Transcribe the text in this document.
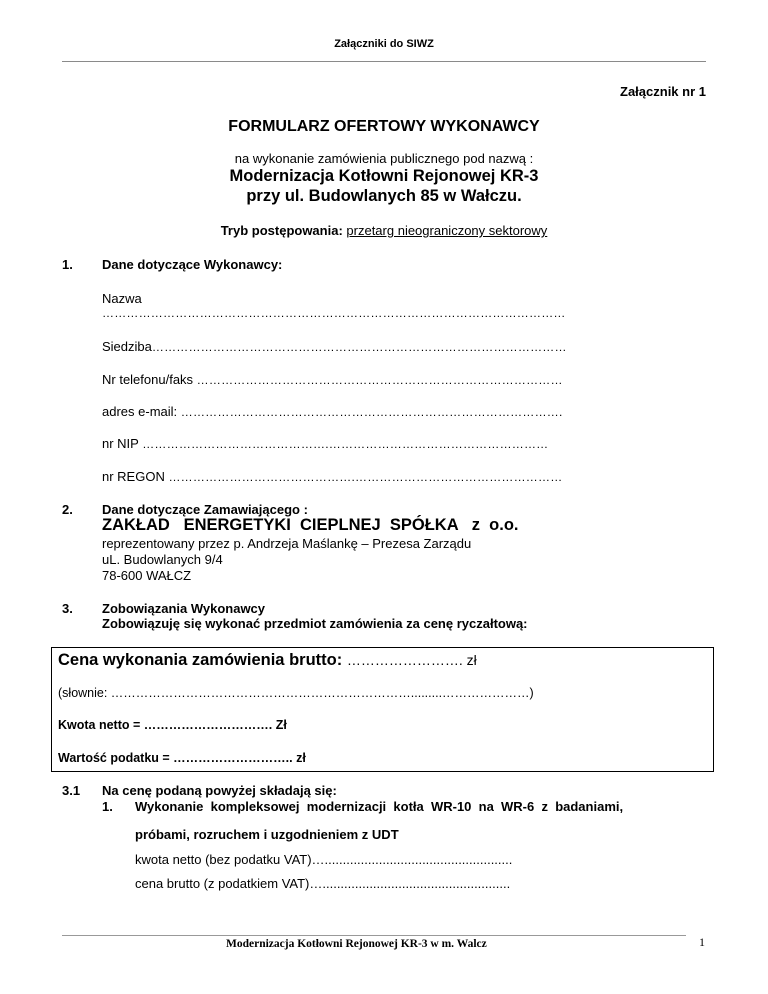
Załączniki do SIWZ
Załącznik nr 1
FORMULARZ OFERTOWY WYKONAWCY
na wykonanie zamówienia publicznego pod nazwą :
Modernizacja Kotłowni Rejonowej KR-3
przy ul. Budowlanych 85 w Wałczu.
Tryb postępowania: przetarg nieograniczony sektorowy
1. Dane dotyczące Wykonawcy:
Nazwa
……………………………………………………………………………………………………
Siedziba…………………………………………………………………………………………
Nr telefonu/faks ………………………………………………………………………………
adres e-mail: ………………………………………………………………………………….
nr NIP ……………………………………….………………………………………………
nr REGON ……………………………………….……………………………………………
2. Dane dotyczące Zamawiającego :
ZAKŁAD   ENERGETYKI  CIEPLNEJ  SPÓŁKA   z  o.o.
reprezentowany przez p. Andrzeja Maślankę – Prezesa Zarządu
uL. Budowlanych 9/4
78-600 WAŁCZ
3. Zobowiązania Wykonawcy
Zobowiązuję się wykonać przedmiot zamówienia za cenę ryczałtową:
Cena wykonania zamówienia brutto: ……………………. zł
(słownie: ……………………………………………………………….........…………………)
Kwota netto = …………………………. Zł
Wartość podatku = ……………………….. zł
3.1 Na cenę podaną powyżej składają się:
1. Wykonanie  kompleksowej  modernizacji  kotła  WR-10  na  WR-6  z  badaniami,
próbami, rozruchem i uzgodnieniem z UDT
kwota netto (bez podatku VAT)…....................................................
cena brutto (z podatkiem VAT)…....................................................
Modernizacja Kotłowni Rejonowej KR-3 w m. Walcz	1
